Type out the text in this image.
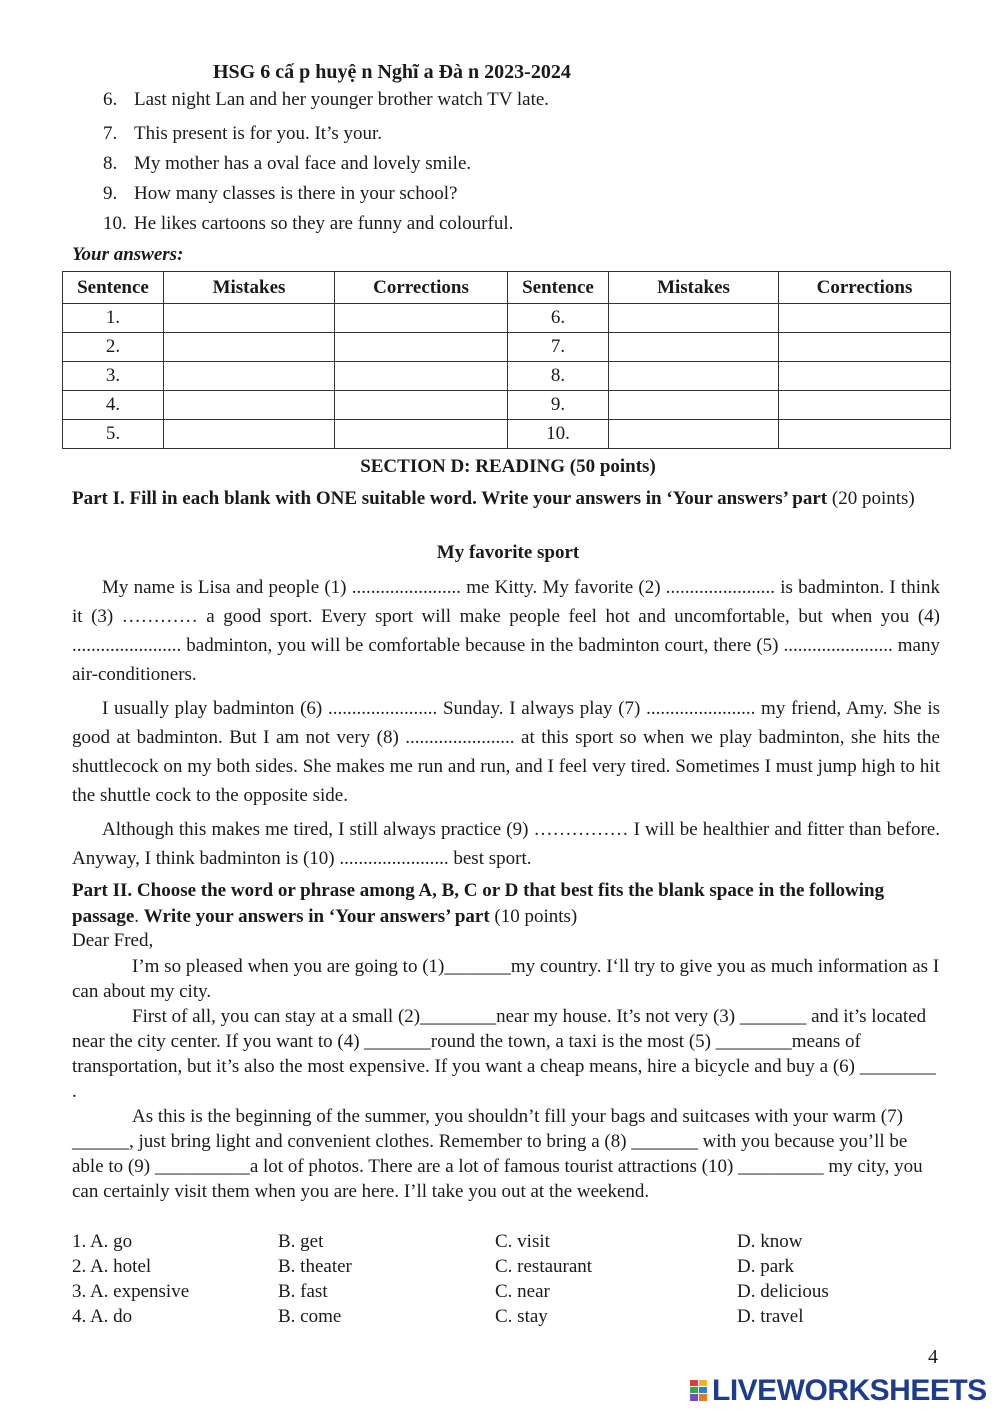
HSG 6 cấ p huyệ n Nghĩ a Đà n 2023-2024
6. Last night Lan and her younger brother watch TV late.
7. This present is for you. It’s your.
8. My mother has a oval face and lovely smile.
9. How many classes is there in your school?
10. He likes cartoons so they are funny and colourful.
Your answers:
Sentence	Mistakes	Corrections	Sentence	Mistakes	Corrections
1.			6.		
2.			7.		
3.			8.		
4.			9.		
5.			10.		
SECTION D: READING (50 points)
Part I. Fill in each blank with ONE suitable word. Write your answers in ‘Your answers’ part (20 points)
My favorite sport
My name is Lisa and people (1) ....................... me Kitty. My favorite (2) ....................... is badminton. I think it (3) ………… a good sport. Every sport will make people feel hot and uncomfortable, but when you (4) ....................... badminton, you will be comfortable because in the badminton court, there (5) ....................... many air-conditioners.
I usually play badminton (6) ....................... Sunday. I always play (7) ....................... my friend, Amy. She is good at badminton. But I am not very (8) ....................... at this sport so when we play badminton, she hits the shuttlecock on my both sides. She makes me run and run, and I feel very tired. Sometimes I must jump high to hit the shuttle cock to the opposite side.
Although this makes me tired, I still always practice (9) …………… I will be healthier and fitter than before. Anyway, I think badminton is (10) ....................... best sport.
Part II. Choose the word or phrase among A, B, C or D that best fits the blank space in the following passage. Write your answers in ‘Your answers’ part (10 points)
Dear Fred,
I’m so pleased when you are going to (1)_______my country. I‘ll try to give you as much information as I can about my city.
First of all, you can stay at a small (2)________near my house. It’s not very (3) _______ and it’s located near the city center. If you want to (4) _______round the town, a taxi is the most (5) ________means of transportation, but it’s also the most expensive. If you want a cheap means, hire a bicycle and buy a (6) ________ .
As this is the beginning of the summer, you shouldn’t fill your bags and suitcases with your warm (7) ______, just bring light and convenient clothes. Remember to bring a (8) _______ with you because you’ll be able to (9) __________a lot of photos. There are a lot of famous tourist attractions (10) _________ my city, you can certainly visit them when you are here. I’ll take you out at the weekend.
1. A. go	B. get	C. visit	D. know
2. A. hotel	B. theater	C. restaurant	D. park
3. A. expensive	B. fast	C. near	D. delicious
4. A. do	B. come	C. stay	D. travel
4
LIVEWORKSHEETS
